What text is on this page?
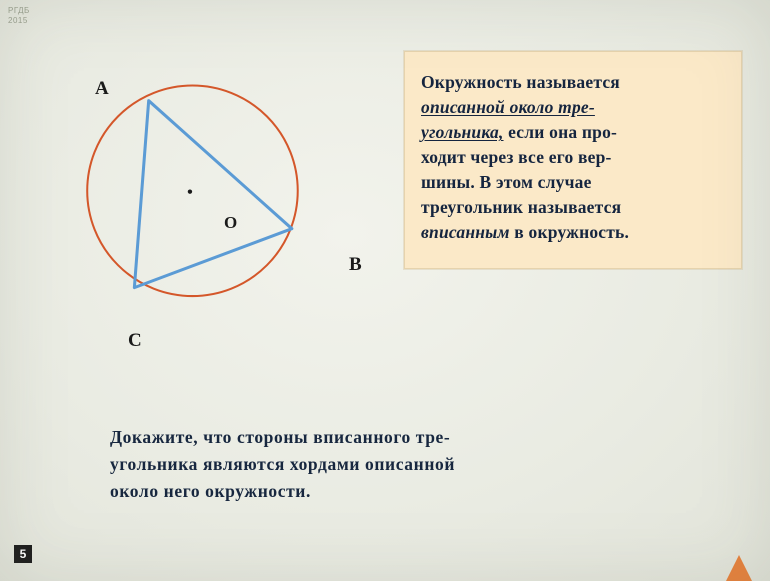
РГДБ
2015
A
B
C
O
Окружность называется
описанной около тре-
угольника, если она про-
ходит через все его вер-
шины. В этом случае
треугольник называется
вписанным в окружность.
Докажите, что стороны вписанного тре-
угольника являются хордами описанной
около него окружности.
5
